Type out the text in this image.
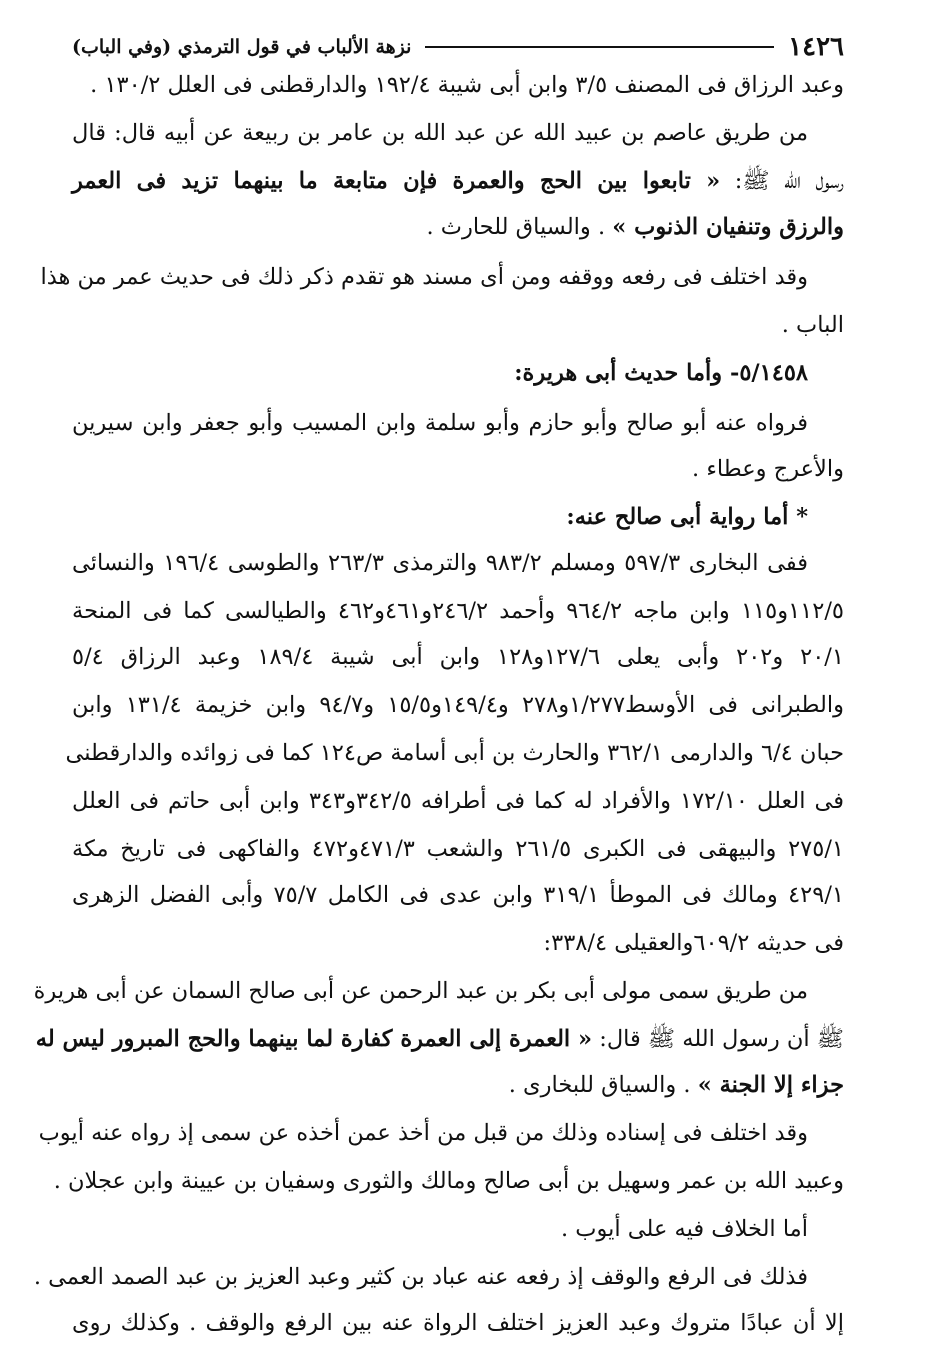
١٤٢٦
نزهة الألباب في قول الترمذي (وفي الباب)
وعبد الرزاق فى المصنف ٣/٥ وابن أبى شيبة ١٩٢/٤ والدارقطنى فى العلل ١٣٠/٢ .
من طريق عاصم بن عبيد الله عن عبد الله بن عامر بن ربيعة عن أبيه قال: قال
رسول الله ﷺ: « تابعوا بين الحج والعمرة فإن متابعة ما بينهما تزيد فى العمر
والرزق وتنفيان الذنوب » . والسياق للحارث .
وقد اختلف فى رفعه ووقفه ومن أى مسند هو تقدم ذكر ذلك فى حديث عمر من هذا
الباب .
٥/١٤٥٨- وأما حديث أبى هريرة:
فرواه عنه أبو صالح وأبو حازم وأبو سلمة وابن المسيب وأبو جعفر وابن سيرين
والأعرج وعطاء .
* أما رواية أبى صالح عنه:
ففى البخارى ٥٩٧/٣ ومسلم ٩٨٣/٢ والترمذى ٢٦٣/٣ والطوسى ١٩٦/٤ والنسائى
١١٢/٥و١١٥ وابن ماجه ٩٦٤/٢ وأحمد ٢٤٦/٢و٤٦١و٤٦٢ والطيالسى كما فى المنحة
٢٠/١ و٢٠٢ وأبى يعلى ١٢٧/٦و١٢٨ وابن أبى شيبة ١٨٩/٤ وعبد الرزاق ٥/٤
والطبرانى فى الأوسط١/٢٧٧و٢٧٨ و١٤٩/٤و١٥/٥ و٩٤/٧ وابن خزيمة ١٣١/٤ وابن
حبان ٦/٤ والدارمى ٣٦٢/١ والحارث بن أبى أسامة ص١٢٤ كما فى زوائده والدارقطنى
فى العلل ١٧٢/١٠ والأفراد له كما فى أطرافه ٣٤٢/٥و٣٤٣ وابن أبى حاتم فى العلل
٢٧٥/١ والبيهقى فى الكبرى ٢٦١/٥ والشعب ٤٧١/٣و٤٧٢ والفاكهى فى تاريخ مكة
٤٢٩/١ ومالك فى الموطأ ٣١٩/١ وابن عدى فى الكامل ٧٥/٧ وأبى الفضل الزهرى
فى حديثه ٦٠٩/٢والعقيلى ٣٣٨/٤:
من طريق سمى مولى أبى بكر بن عبد الرحمن عن أبى صالح السمان عن أبى هريرة
ﷺ أن رسول الله ﷺ قال: « العمرة إلى العمرة كفارة لما بينهما والحج المبرور ليس له
جزاء إلا الجنة » . والسياق للبخارى .
وقد اختلف فى إسناده وذلك من قبل من أخذ عمن أخذه عن سمى إذ رواه عنه أيوب
وعبيد الله بن عمر وسهيل بن أبى صالح ومالك والثورى وسفيان بن عيينة وابن عجلان .
أما الخلاف فيه على أيوب .
فذلك فى الرفع والوقف إذ رفعه عنه عباد بن كثير وعبد العزيز بن عبد الصمد العمى .
إلا أن عبادًا متروك وعبد العزيز اختلف الرواة عنه بين الرفع والوقف . وكذلك روى
